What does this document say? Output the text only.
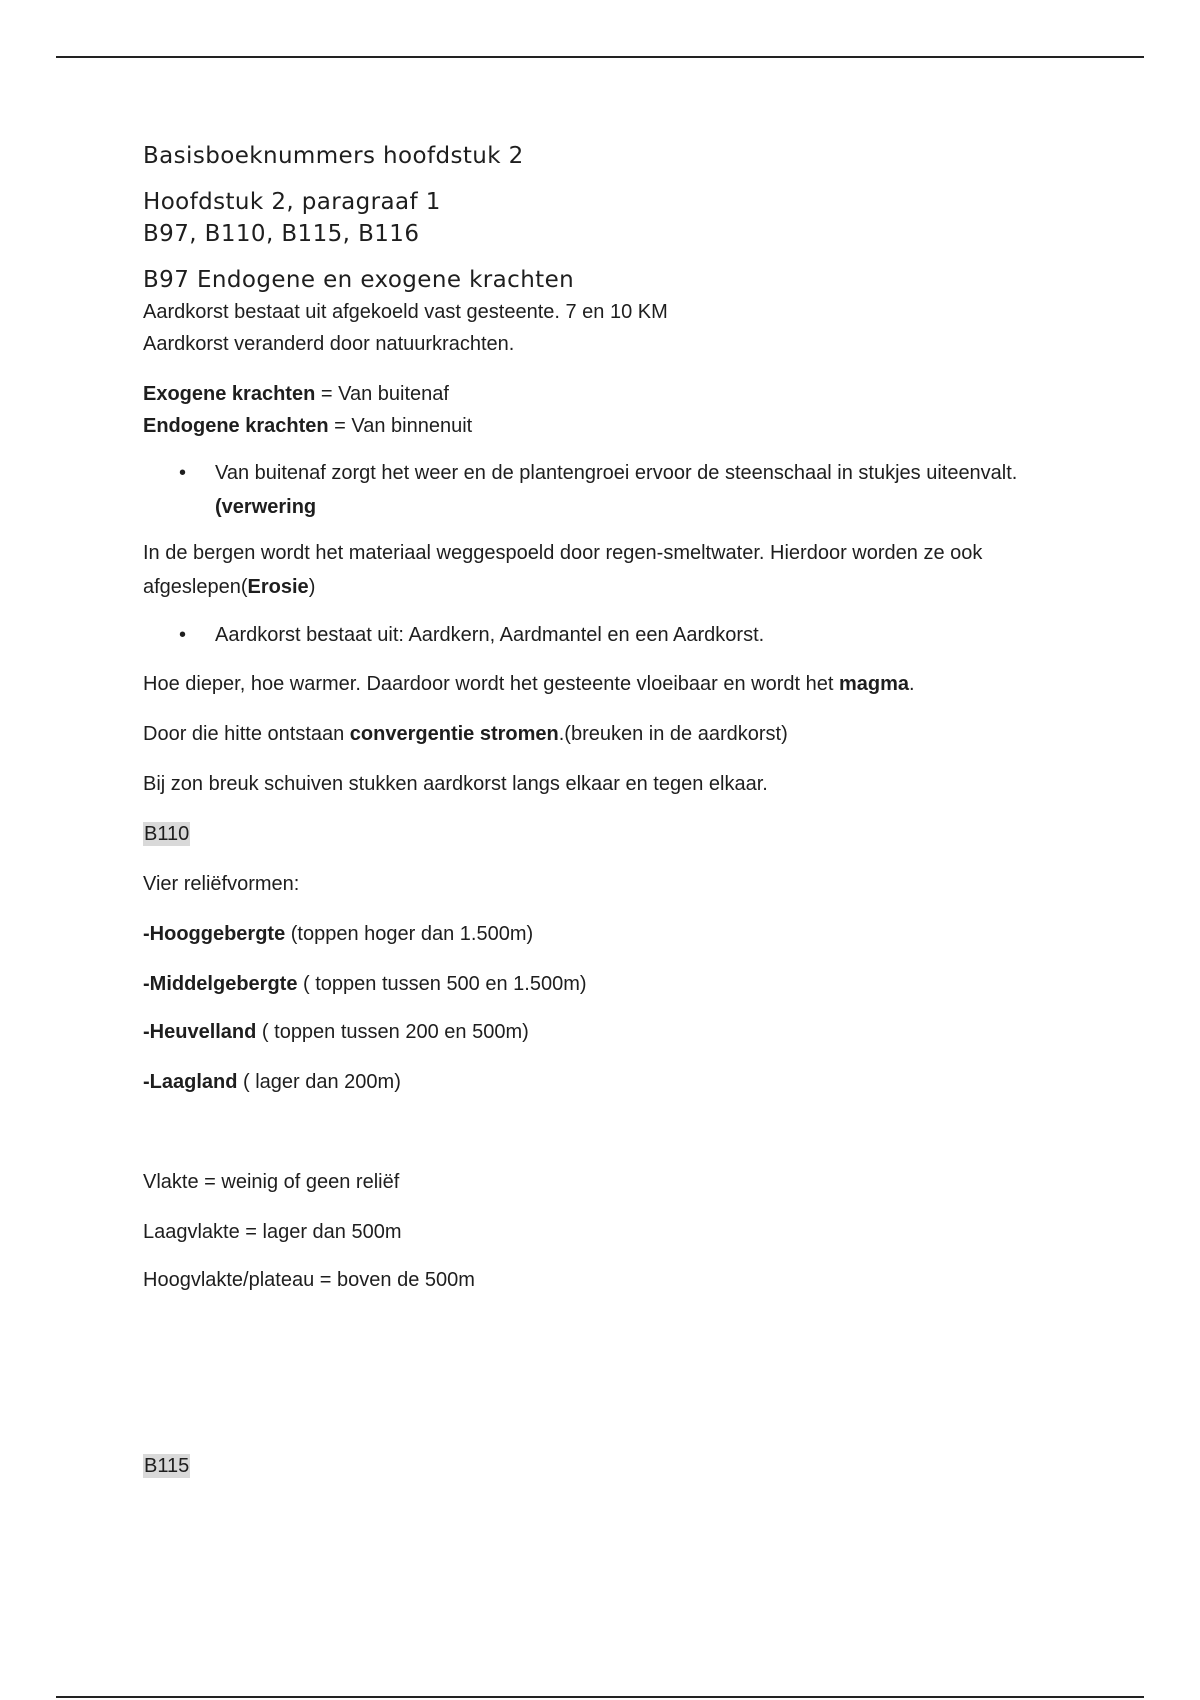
Basisboeknummers hoofdstuk 2
Hoofdstuk 2, paragraaf 1
B97, B110, B115, B116
B97 Endogene en exogene krachten

Aardkorst bestaat uit afgekoeld vast gesteente. 7 en 10 KM

Aardkorst veranderd door natuurkrachten.

Exogene krachten = Van buitenaf

Endogene krachten = Van binnenuit

• Van buitenaf zorgt het weer en de plantengroei ervoor de steenschaal in stukjes uiteenvalt.(verwering

In de bergen wordt het materiaal weggespoeld door regen-smeltwater. Hierdoor worden ze ook afgeslepen(Erosie)

• Aardkorst bestaat uit: Aardkern, Aardmantel en een Aardkorst.

Hoe dieper, hoe warmer. Daardoor wordt het gesteente vloeibaar en wordt het magma.

Door die hitte ontstaan convergentie stromen.(breuken in de aardkorst)

Bij zon breuk schuiven stukken aardkorst langs elkaar en tegen elkaar.

B110

Vier reliëfvormen:

-Hooggebergte (toppen hoger dan 1.500m)

-Middelgebergte ( toppen tussen 500 en 1.500m)

-Heuvelland ( toppen tussen 200 en 500m)

-Laagland ( lager dan 200m)

Vlakte = weinig of geen reliëf

Laagvlakte = lager dan 500m

Hoogvlakte/plateau = boven de 500m

B115
